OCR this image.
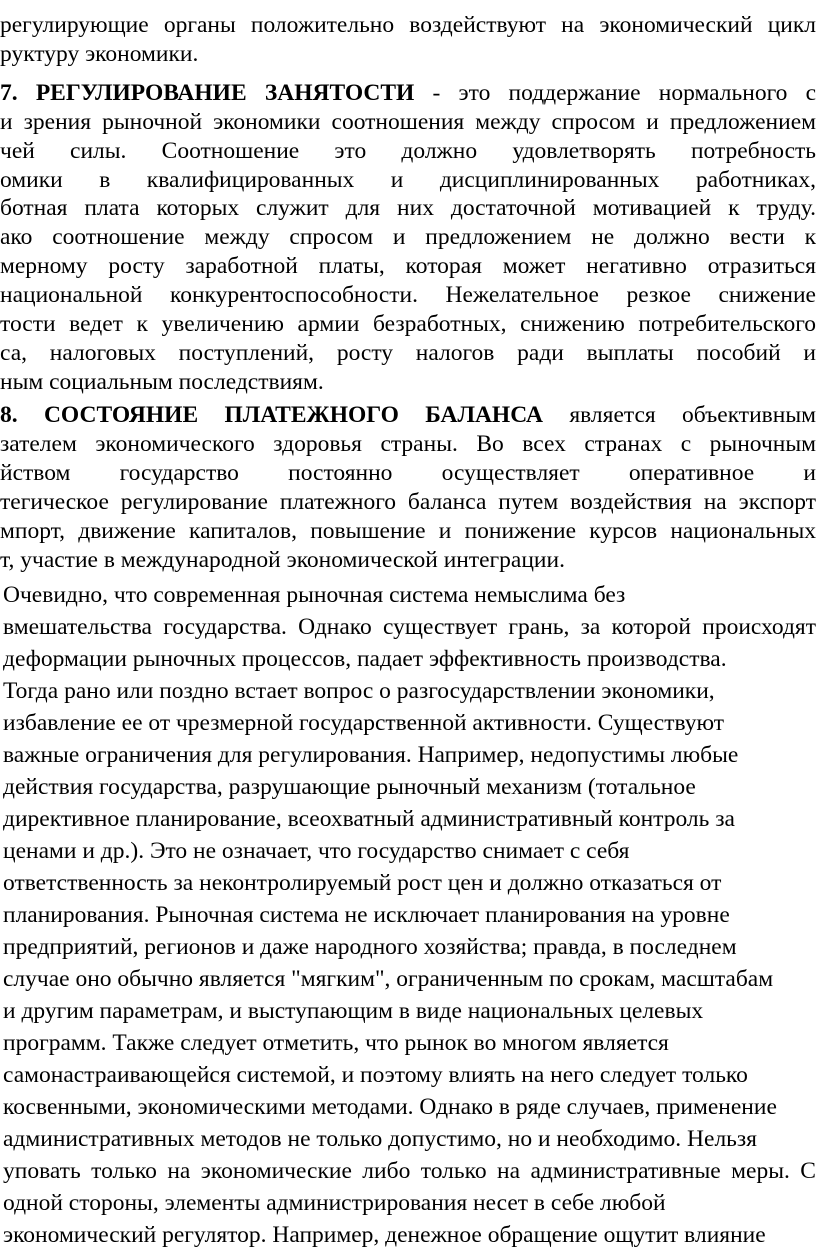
регулирующие органы положительно воздействуют на экономический цикл
руктуру экономики.
7. РЕГУЛИРОВАНИЕ ЗАНЯТОСТИ - это поддержание нормального с
и зрения рыночной экономики соотношения между спросом и предложением
чей силы. Соотношение это должно удовлетворять потребность
омики в квалифицированных и дисциплинированных работниках,
ботная плата которых служит для них достаточной мотивацией к труду.
ако соотношение между спросом и предложением не должно вести к
мерному росту заработной платы, которая может негативно отразиться
национальной конкурентоспособности. Нежелательное резкое снижение
тости ведет к увеличению армии безработных, снижению потребительского
са, налоговых поступлений, росту налогов ради выплаты пособий и
ным социальным последствиям.
8. СОСТОЯНИЕ ПЛАТЕЖНОГО БАЛАНСА является объективным
зателем экономического здоровья страны. Во всех странах с рыночным
йством государство постоянно осуществляет оперативное и
тегическое регулирование платежного баланса путем воздействия на экспорт
мпорт, движение капиталов, повышение и понижение курсов национальных
т, участие в международной экономической интеграции.
Очевидно, что современная рыночная система немыслима без
вмешательства государства. Однако существует грань, за которой происходят
деформации рыночных процессов, падает эффективность производства.
Тогда рано или поздно встает вопрос о разгосударствлении экономики,
избавление ее от чрезмерной государственной активности. Существуют
важные ограничения для регулирования. Например, недопустимы любые
действия государства, разрушающие рыночный механизм (тотальное
директивное планирование, всеохватный административный контроль за
ценами и др.). Это не означает, что государство снимает с себя
ответственность за неконтролируемый рост цен и должно отказаться от
планирования. Рыночная система не исключает планирования на уровне
предприятий, регионов и даже народного хозяйства; правда, в последнем
случае оно обычно является "мягким", ограниченным по срокам, масштабам
и другим параметрам, и выступающим в виде национальных целевых
программ. Также следует отметить, что рынок во многом является
самонастраивающейся системой, и поэтому влиять на него следует только
косвенными, экономическими методами. Однако в ряде случаев, применение
административных методов не только допустимо, но и необходимо. Нельзя
уповать только на экономические либо только на административные меры. С
одной стороны, элементы администрирования несет в себе любой
экономический регулятор. Например, денежное обращение ощутит влияние
